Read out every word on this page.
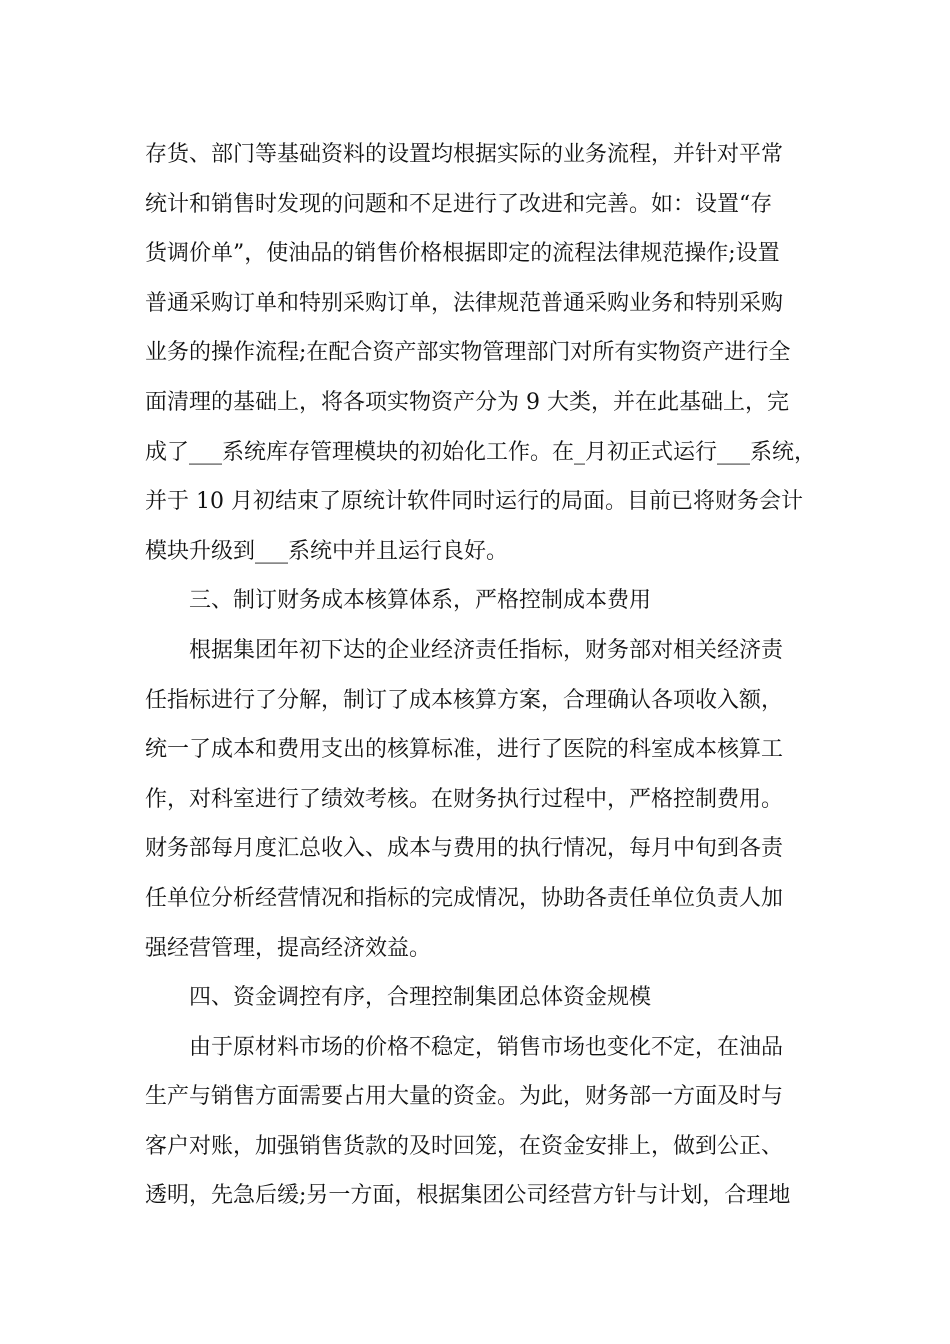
存货、部门等基础资料的设置均根据实际的业务流程，并针对平常
统计和销售时发现的问题和不足进行了改进和完善。如：设置“存
货调价单”，使油品的销售价格根据即定的流程法律规范操作;设置
普通采购订单和特别采购订单，法律规范普通采购业务和特别采购
业务的操作流程;在配合资产部实物管理部门对所有实物资产进行全
面清理的基础上，将各项实物资产分为 9 大类，并在此基础上，完
成了___系统库存管理模块的初始化工作。在_月初正式运行___系统，
并于 10 月初结束了原统计软件同时运行的局面。目前已将财务会计
模块升级到___系统中并且运行良好。
三、制订财务成本核算体系，严格控制成本费用
根据集团年初下达的企业经济责任指标，财务部对相关经济责
任指标进行了分解，制订了成本核算方案，合理确认各项收入额，
统一了成本和费用支出的核算标准，进行了医院的科室成本核算工
作，对科室进行了绩效考核。在财务执行过程中，严格控制费用。
财务部每月度汇总收入、成本与费用的执行情况，每月中旬到各责
任单位分析经营情况和指标的完成情况，协助各责任单位负责人加
强经营管理，提高经济效益。
四、资金调控有序，合理控制集团总体资金规模
由于原材料市场的价格不稳定，销售市场也变化不定，在油品
生产与销售方面需要占用大量的资金。为此，财务部一方面及时与
客户对账，加强销售货款的及时回笼，在资金安排上，做到公正、
透明，先急后缓;另一方面，根据集团公司经营方针与计划，合理地
